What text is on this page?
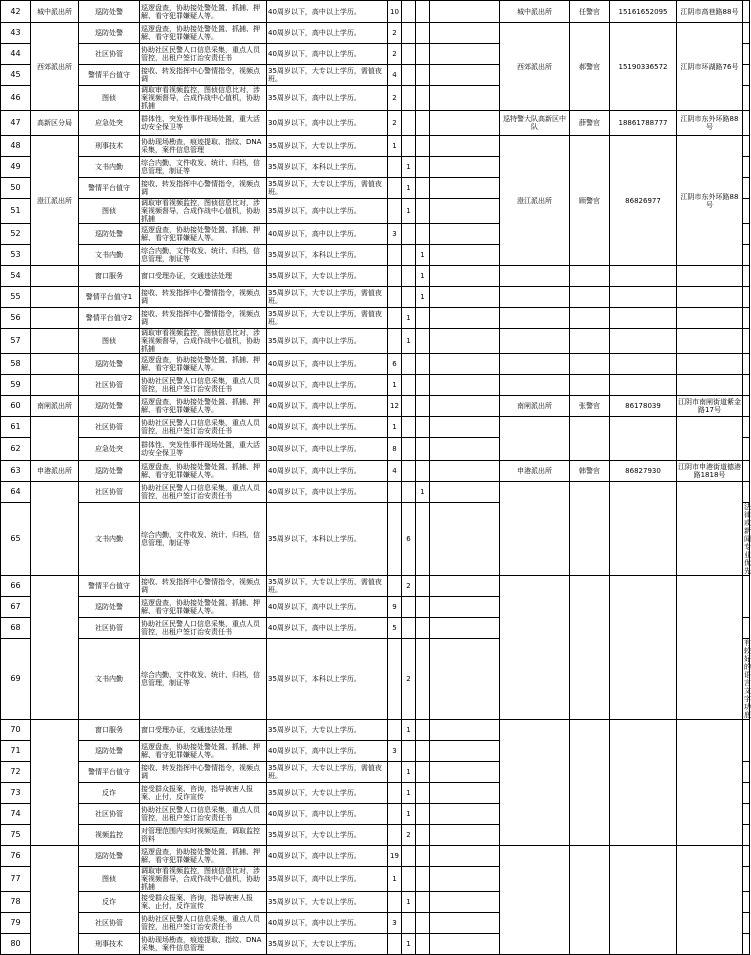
42	城中派出所	巡防处警	巡逻盘查，协助接处警处置、抓捕、押解、看守犯罪嫌疑人等。	40周岁以下，高中以上学历。	10				城中派出所	任警官	15161652095	江阴市高巷路88号	
43	西郊派出所	巡防处警	巡逻盘查，协助接处警处置、抓捕、押解、看守犯罪嫌疑人等。	40周岁以下，高中以上学历。	2				西郊派出所	郝警官	15190336572	江阴市环湖路76号	
44		社区协管	协助社区民警人口信息采集，重点人员管控，出租户签订治安责任书	40周岁以下，高中以上学历。	2								
45		警情平台值守	接收、转发指挥中心警情指令，视频点调	35周岁以下，大专以上学历，需值夜班。	4								
46		图侦	调取审看视频监控，图侦信息比对，涉案视频督导，合成作战中心值机，协助抓捕	35周岁以下，高中以上学历。	2								
47	高新区分局	应急处突	群体性、突发性事件现场处置，重大活动安全保卫等	30周岁以下，高中以上学历。	2				巡特警大队高新区中队	薛警官	18861788777	江阴市东外环路88号	
48	澄江派出所	刑事技术	协助现场勘查，痕迹提取、指纹、DNA采集，案件信息管理	35周岁以下，大专以上学历。	1				澄江派出所	顾警官	86826977	江阴市东外环路88号	
49		文书内勤	综合内勤，文件收发、统计、归档，信息管理，制证等	35周岁以下，本科以上学历。		1							
50		警情平台值守	接收、转发指挥中心警情指令，视频点调	35周岁以下，大专以上学历，需值夜班。		1							
51		图侦	调取审看视频监控，图侦信息比对，涉案视频督导，合成作战中心值机，协助抓捕	35周岁以下，高中以上学历。		1							
52		巡防处警	巡逻盘查，协助接处警处置、抓捕、押解、看守犯罪嫌疑人等。	40周岁以下，高中以上学历。	3								
53		文书内勤	综合内勤，文件收发、统计、归档，信息管理，制证等	35周岁以下，本科以上学历。			1						
54		窗口服务	窗口受理办证，交通违法处理	35周岁以下，大专以上学历。			1						
55		警情平台值守1	接收、转发指挥中心警情指令，视频点调	35周岁以下，大专以上学历，需值夜班。			1						
56		警情平台值守2	接收、转发指挥中心警情指令，视频点调	35周岁以下，大专以上学历，需值夜班。		1							
57		图侦	调取审看视频监控，图侦信息比对，涉案视频督导，合成作战中心值机，协助抓捕	35周岁以下，高中以上学历。		1							
58		巡防处警	巡逻盘查，协助接处警处置、抓捕、押解、看守犯罪嫌疑人等。	40周岁以下，高中以上学历。	6								
59		社区协管	协助社区民警人口信息采集，重点人员管控，出租户签订治安责任书	40周岁以下，高中以上学历。	1								
60	南闸派出所	巡防处警	巡逻盘查，协助接处警处置、抓捕、押解、看守犯罪嫌疑人等。	40周岁以下，高中以上学历。	12				南闸派出所	张警官	86178039	江阴市南闸街道紫金路17号	
61		社区协管	协助社区民警人口信息采集，重点人员管控，出租户签订治安责任书	40周岁以下，高中以上学历。	1								
62		应急处突	群体性、突发性事件现场处置，重大活动安全保卫等	30周岁以下，高中以上学历。	8								
63	申港派出所	巡防处警	巡逻盘查，协助接处警处置、抓捕、押解、看守犯罪嫌疑人等。	40周岁以下，高中以上学历。	4				申港派出所	韩警官	86827930	江阴市申港街道德港路1818号	
64		社区协管	协助社区民警人口信息采集，重点人员管控，出租户签订治安责任书	40周岁以下，高中以上学历。			1						
65		文书内勤	综合内勤，文件收发、统计、归档，信息管理，制证等	35周岁以下，本科以上学历。		6							法律或新闻专业优先
66		警情平台值守	接收、转发指挥中心警情指令，视频点调	35周岁以下，大专以上学历，需值夜班。		2							
67		巡防处警	巡逻盘查，协助接处警处置、抓捕、押解、看守犯罪嫌疑人等。	40周岁以下，高中以上学历。	9								
68		社区协管	协助社区民警人口信息采集，重点人员管控，出租户签订治安责任书	40周岁以下，高中以上学历。	5								
69		文书内勤	综合内勤，文件收发、统计、归档，信息管理，制证等	35周岁以下，本科以上学历。		2							有较好的语言文字功底
70		窗口服务	窗口受理办证，交通违法处理	35周岁以下，大专以上学历。		1							
71		巡防处警	巡逻盘查，协助接处警处置、抓捕、押解、看守犯罪嫌疑人等。	40周岁以下，高中以上学历。	3								
72		警情平台值守	接收、转发指挥中心警情指令，视频点调	35周岁以下，大专以上学历，需值夜班。		1							
73		反诈	接受群众报案、咨询，指导被害人报案、止付，反诈宣传	35周岁以下，大专以上学历。		1							
74		社区协管	协助社区民警人口信息采集，重点人员管控，出租户签订治安责任书	40周岁以下，高中以上学历。		1							
75		视频监控	对管理范围内实时视频巡查，调取监控资料	35周岁以下，大专以上学历。		2							
76		巡防处警	巡逻盘查，协助接处警处置、抓捕、押解、看守犯罪嫌疑人等。	40周岁以下，高中以上学历。	19								
77		图侦	调取审看视频监控，图侦信息比对，涉案视频督导，合成作战中心值机，协助抓捕	35周岁以下，高中以上学历。	1								
78		反诈	接受群众报案、咨询，指导被害人报案、止付，反诈宣传	35周岁以下，大专以上学历。		1							
79		社区协管	协助社区民警人口信息采集，重点人员管控，出租户签订治安责任书	40周岁以下，高中以上学历。	3								
80		刑事技术	协助现场勘查，痕迹提取、指纹、DNA采集，案件信息管理	35周岁以下，大专以上学历。		1							
